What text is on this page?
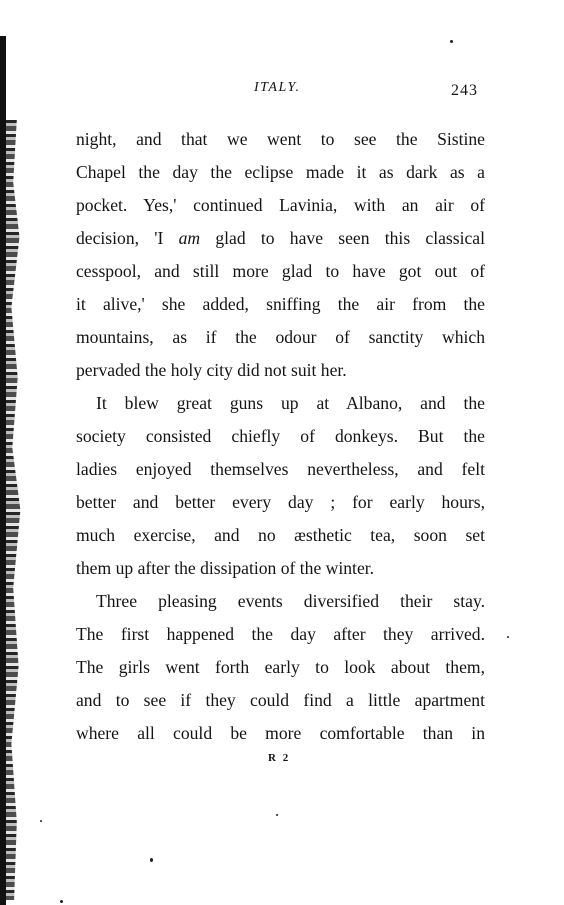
ITALY.	243
night, and that we went to see the Sistine
Chapel the day the eclipse made it as dark as a
pocket. Yes,' continued Lavinia, with an air of
decision, 'I am glad to have seen this classical
cesspool, and still more glad to have got out of
it alive,' she added, sniffing the air from the
mountains, as if the odour of sanctity which
pervaded the holy city did not suit her.
It blew great guns up at Albano, and the
society consisted chiefly of donkeys. But the
ladies enjoyed themselves nevertheless, and felt
better and better every day ; for early hours,
much exercise, and no æsthetic tea, soon set
them up after the dissipation of the winter.
Three pleasing events diversified their stay.
The first happened the day after they arrived.
The girls went forth early to look about them,
and to see if they could find a little apartment
where all could be more comfortable than in
R 2
